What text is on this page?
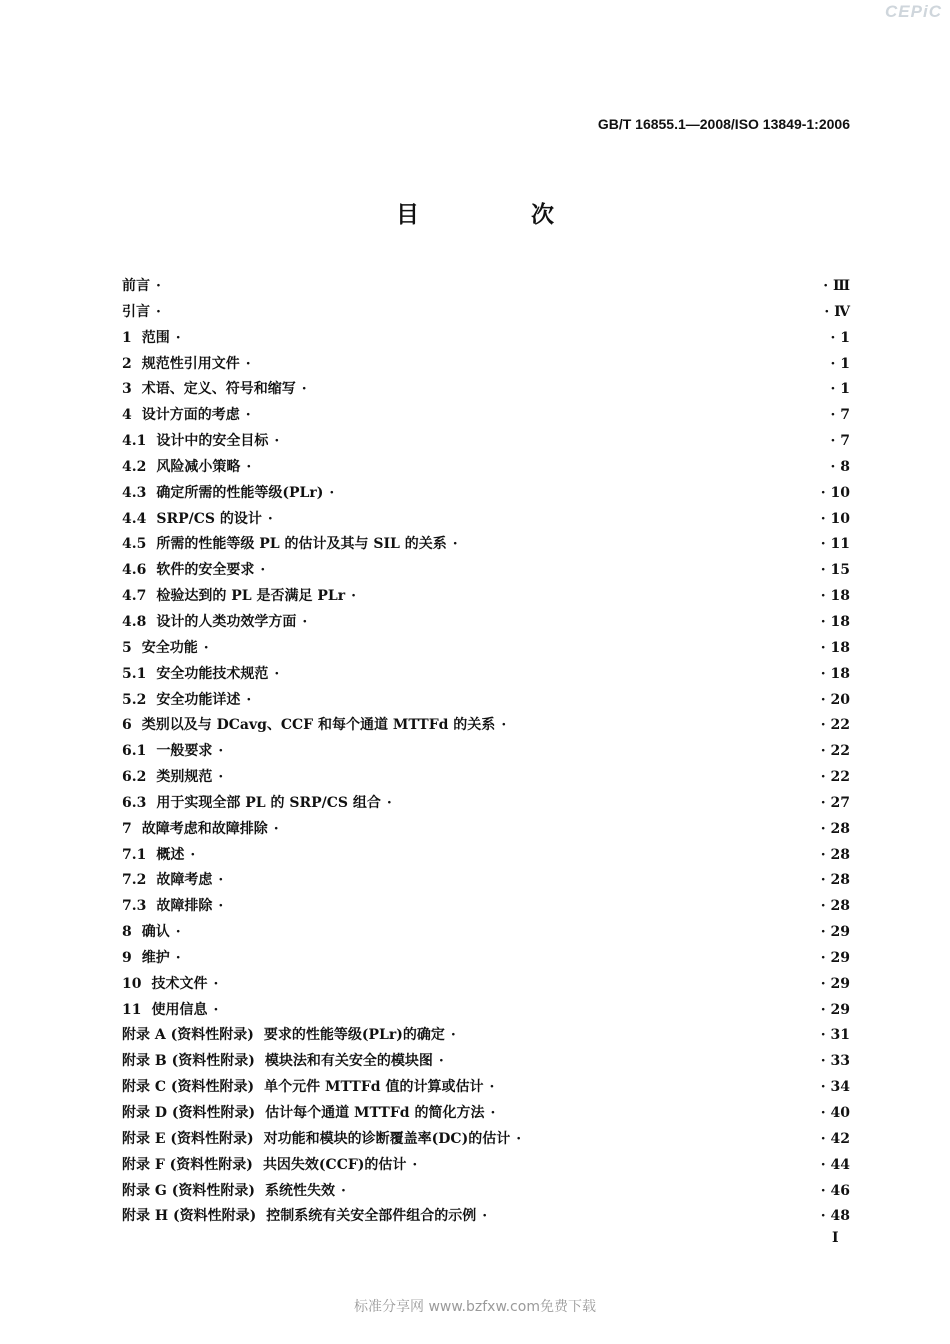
CEPiC
GB/T 16855.1—2008/ISO 13849-1:2006
目 次
前言 ·	· Ⅲ
引言 ·	· Ⅳ
1 范围 ·	· 1
2 规范性引用文件 ·	· 1
3 术语、定义、符号和缩写 ·	· 1
4 设计方面的考虑 ·	· 7
4.1 设计中的安全目标 ·	· 7
4.2 风险减小策略 ·	· 8
4.3 确定所需的性能等级(PLr) ·	· 10
4.4 SRP/CS 的设计 ·	· 10
4.5 所需的性能等级 PL 的估计及其与 SIL 的关系 ·	· 11
4.6 软件的安全要求 ·	· 15
4.7 检验达到的 PL 是否满足 PLr ·	· 18
4.8 设计的人类功效学方面 ·	· 18
5 安全功能 ·	· 18
5.1 安全功能技术规范 ·	· 18
5.2 安全功能详述 ·	· 20
6 类别以及与 DCavg、CCF 和每个通道 MTTFd 的关系 ·	· 22
6.1 一般要求 ·	· 22
6.2 类别规范 ·	· 22
6.3 用于实现全部 PL 的 SRP/CS 组合 ·	· 27
7 故障考虑和故障排除 ·	· 28
7.1 概述 ·	· 28
7.2 故障考虑 ·	· 28
7.3 故障排除 ·	· 28
8 确认 ·	· 29
9 维护 ·	· 29
10 技术文件 ·	· 29
11 使用信息 ·	· 29
附录 A (资料性附录) 要求的性能等级(PLr)的确定 ·	· 31
附录 B (资料性附录) 模块法和有关安全的模块图 ·	· 33
附录 C (资料性附录) 单个元件 MTTFd 值的计算或估计 ·	· 34
附录 D (资料性附录) 估计每个通道 MTTFd 的简化方法 ·	· 40
附录 E (资料性附录) 对功能和模块的诊断覆盖率(DC)的估计 ·	· 42
附录 F (资料性附录) 共因失效(CCF)的估计 ·	· 44
附录 G (资料性附录) 系统性失效 ·	· 46
附录 H (资料性附录) 控制系统有关安全部件组合的示例 ·	· 48
I
标准分享网 www.bzfxw.com免费下载
